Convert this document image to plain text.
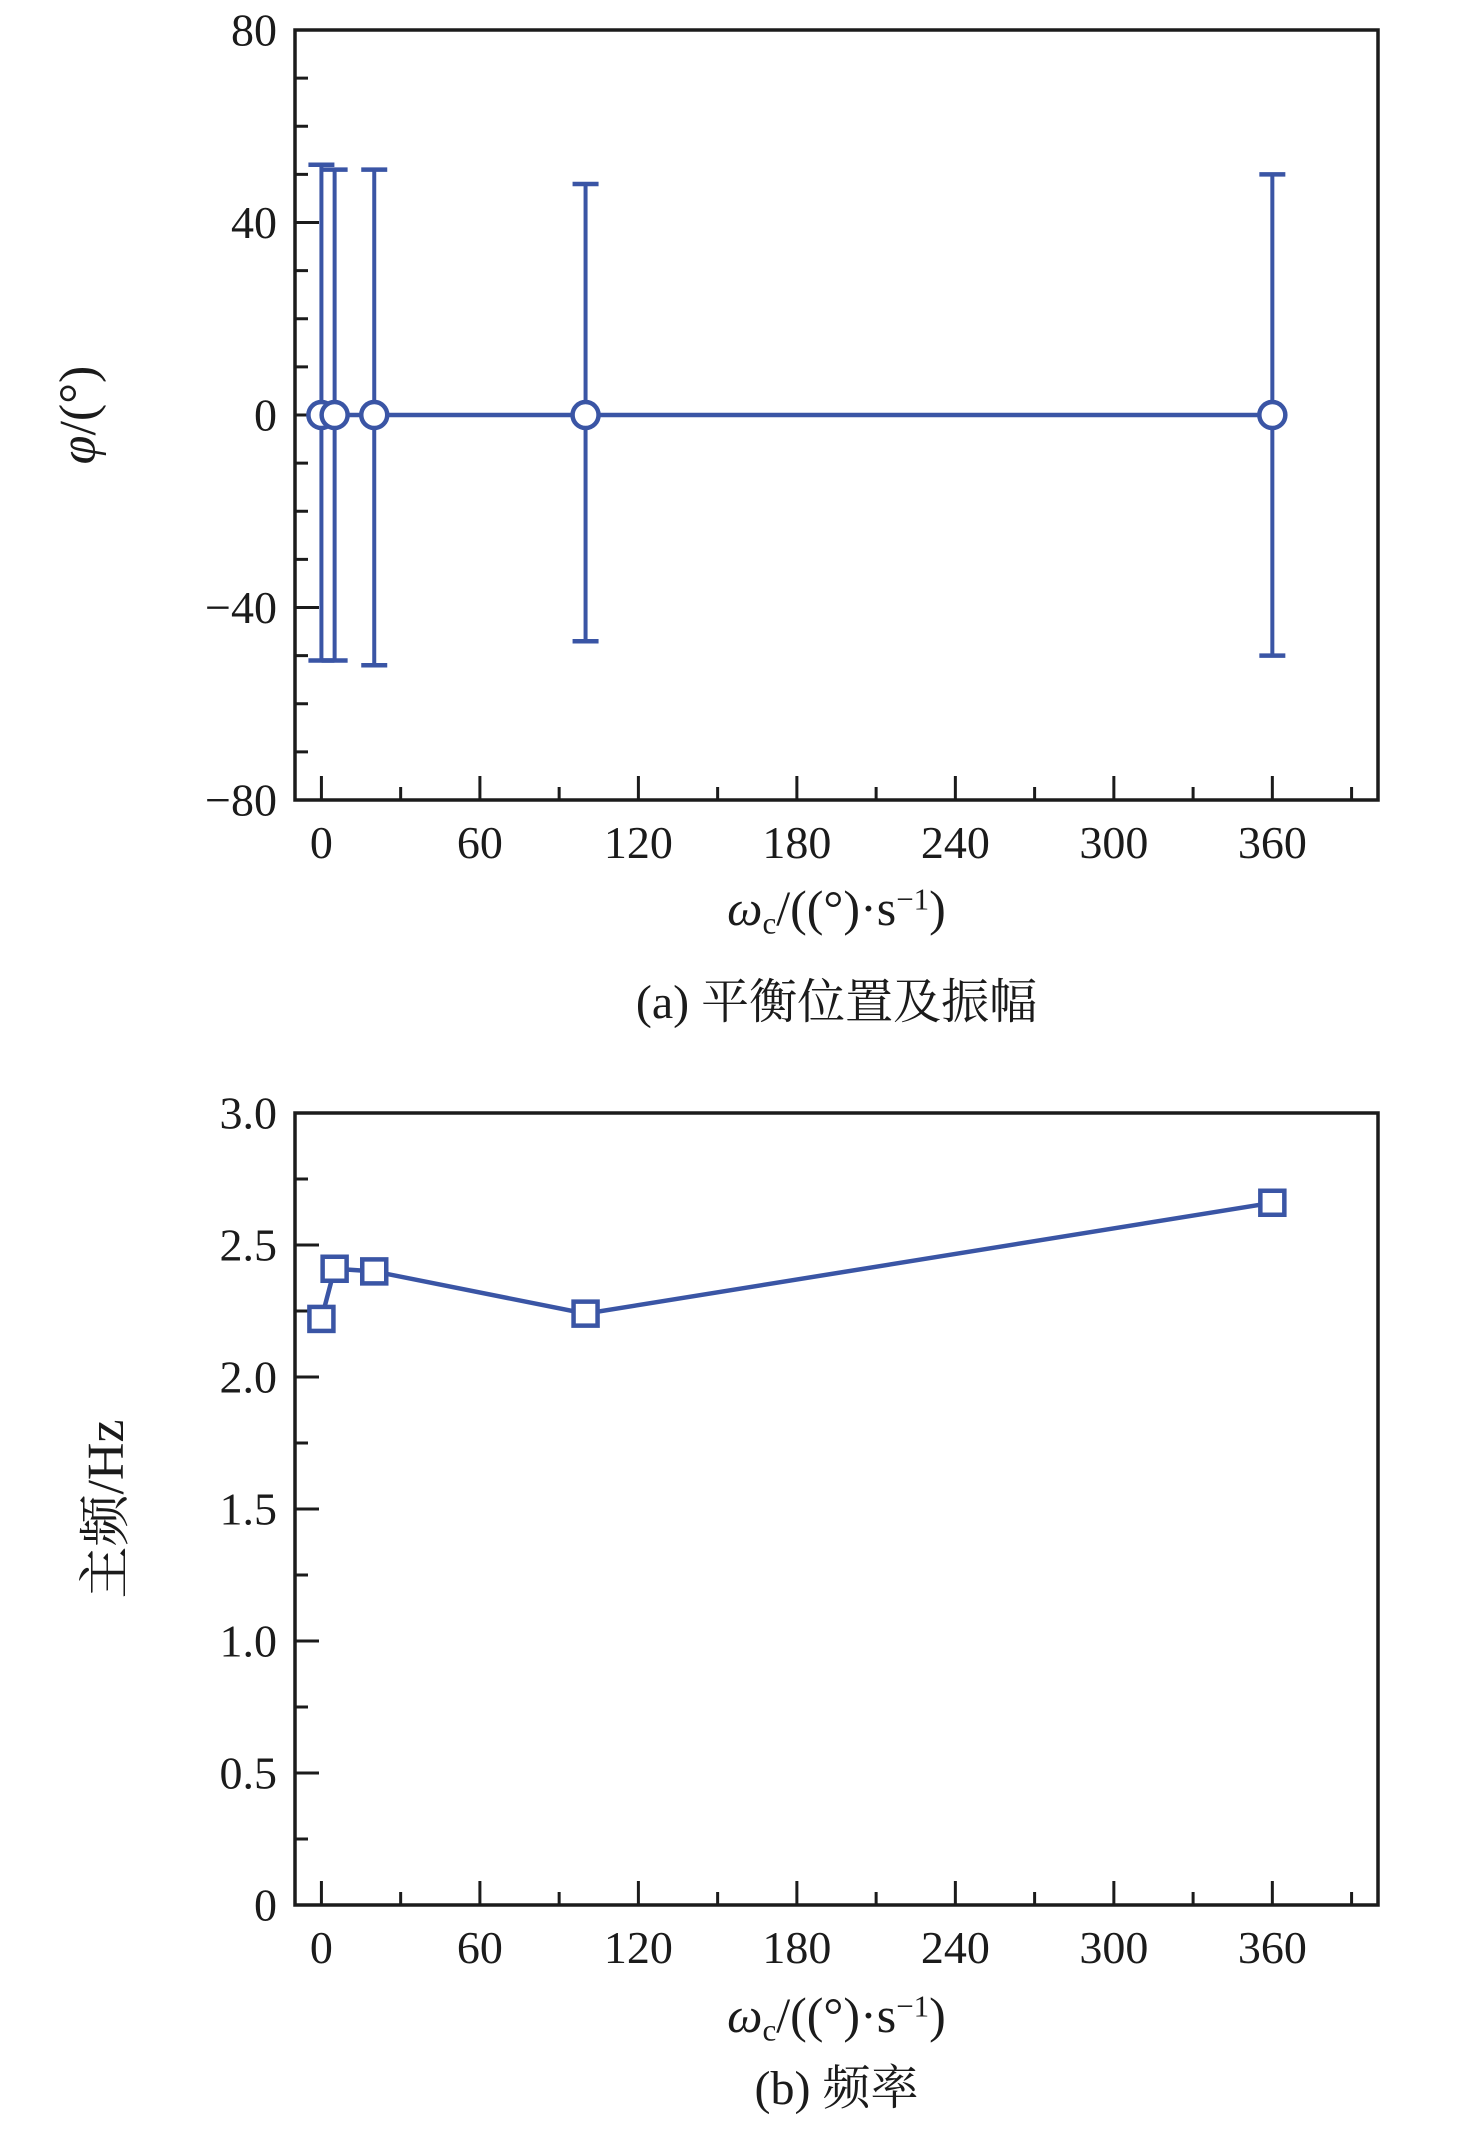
0	60 120 180 240 300 360
80
40
0
−40
−80
φ/(°)
$\omega_c/((^\circ)\cdot s^{-1})$
(a) 平衡位置及振幅
0	60 120 180 240 300 360
3.0
2.5
2.0
1.5
1.0
0.5
0
主频/Hz
$\omega_c/((^\circ)\cdot s^{-1})$
(b) 频率
